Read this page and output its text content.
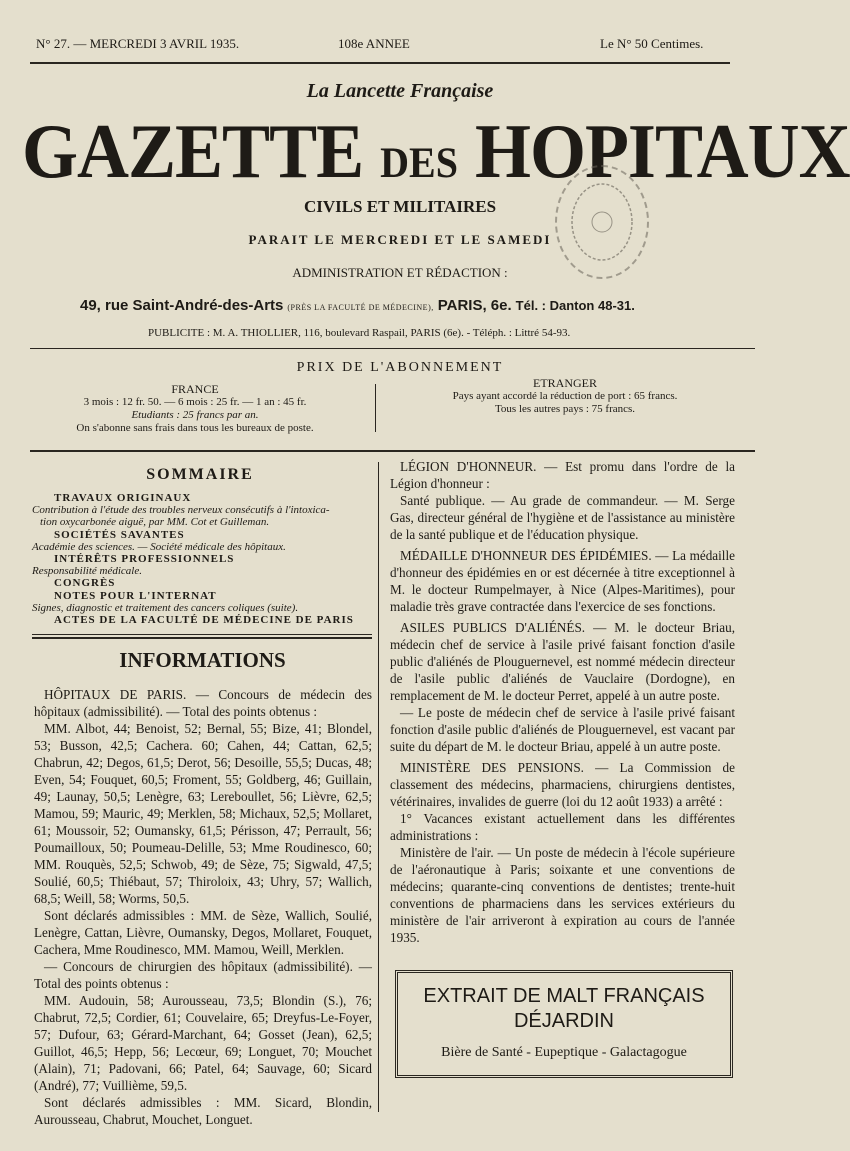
N° 27. — MERCREDI 3 AVRIL 1935.	108e ANNEE	Le N° 50 Centimes.
La Lancette Française
GAZETTE DES HOPITAUX
CIVILS ET MILITAIRES
PARAIT LE MERCREDI ET LE SAMEDI
ADMINISTRATION ET RÉDACTION :
49, rue Saint-André-des-Arts (PRÈS LA FACULTÉ DE MÉDECINE), PARIS, 6e. Tél. : Danton 48-31.
PUBLICITE : M. A. THIOLLIER, 116, boulevard Raspail, PARIS (6e). - Téléph. : Littré 54-93.
PRIX DE L'ABONNEMENT
FRANCE
3 mois : 12 fr. 50. — 6 mois : 25 fr. — 1 an : 45 fr.
Etudiants : 25 francs par an.
On s'abonne sans frais dans tous les bureaux de poste.
ETRANGER
Pays ayant accordé la réduction de port : 65 francs.
Tous les autres pays : 75 francs.
SOMMAIRE
TRAVAUX ORIGINAUX
Contribution à l'étude des troubles nerveux consécutifs à l'intoxica-
tion oxycarbonée aiguë, par MM. Cot et Guilleman.
SOCIÉTÉS SAVANTES
Académie des sciences. — Société médicale des hôpitaux.
INTÉRÊTS PROFESSIONNELS
Responsabilité médicale.
CONGRÈS
NOTES POUR L'INTERNAT
Signes, diagnostic et traitement des cancers coliques (suite).
ACTES DE LA FACULTÉ DE MÉDECINE DE PARIS
INFORMATIONS

HÔPITAUX DE PARIS. — Concours de médecin des hôpitaux (admissibilité). — Total des points obtenus :

MM. Albot, 44; Benoist, 52; Bernal, 55; Bize, 41; Blondel, 53; Busson, 42,5; Cachera. 60; Cahen, 44; Cattan, 62,5; Chabrun, 42; Degos, 61,5; Derot, 56; Desoille, 55,5; Ducas, 48; Even, 54; Fouquet, 60,5; Froment, 55; Goldberg, 46; Guillain, 49; Launay, 50,5; Lenègre, 63; Lereboullet, 56; Lièvre, 62,5; Mamou, 59; Mauric, 49; Merklen, 58; Michaux, 52,5; Mollaret, 61; Moussoir, 52; Oumansky, 61,5; Périsson, 47; Perrault, 56; Poumailloux, 50; Poumeau-Delille, 53; Mme Roudinesco, 60; MM. Rouquès, 52,5; Schwob, 49; de Sèze, 75; Sigwald, 47,5; Soulié, 60,5; Thiébaut, 57; Thiroloix, 43; Uhry, 57; Wallich, 68,5; Weill, 58; Worms, 50,5.

Sont déclarés admissibles : MM. de Sèze, Wallich, Soulié, Lenègre, Cattan, Lièvre, Oumansky, Degos, Mollaret, Fouquet, Cachera, Mme Roudinesco, MM. Mamou, Weill, Merklen.

— Concours de chirurgien des hôpitaux (admissibilité). — Total des points obtenus :

MM. Audouin, 58; Aurousseau, 73,5; Blondin (S.), 76; Chabrut, 72,5; Cordier, 61; Couvelaire, 65; Dreyfus-Le-Foyer, 57; Dufour, 63; Gérard-Marchant, 64; Gosset (Jean), 62,5; Guillot, 46,5; Hepp, 56; Lecœur, 69; Longuet, 70; Mouchet (Alain), 71; Padovani, 66; Patel, 64; Sauvage, 60; Sicard (André), 77; Vuillième, 59,5.

Sont déclarés admissibles : MM. Sicard, Blondin, Aurousseau, Chabrut, Mouchet, Longuet.

LÉGION D'HONNEUR. — Est promu dans l'ordre de la Légion d'honneur :

Santé publique. — Au grade de commandeur. — M. Serge Gas, directeur général de l'hygiène et de l'assistance au ministère de la santé publique et de l'éducation physique.

MÉDAILLE D'HONNEUR DES ÉPIDÉMIES. — La médaille d'honneur des épidémies en or est décernée à titre exceptionnel à M. le docteur Rumpelmayer, à Nice (Alpes-Maritimes), pour maladie très grave contractée dans l'exercice de ses fonctions.

ASILES PUBLICS D'ALIÉNÉS. — M. le docteur Briau, médecin chef de service à l'asile privé faisant fonction d'asile public d'aliénés de Plouguernevel, est nommé médecin directeur de l'asile public d'aliénés de Vauclaire (Dordogne), en remplacement de M. le docteur Perret, appelé à un autre poste.

— Le poste de médecin chef de service à l'asile privé faisant fonction d'asile public d'aliénés de Plouguernevel, est vacant par suite du départ de M. le docteur Briau, appelé à un autre poste.

MINISTÈRE DES PENSIONS. — La Commission de classement des médecins, pharmaciens, chirurgiens dentistes, vétérinaires, invalides de guerre (loi du 12 août 1933) a arrêté :

1° Vacances existant actuellement dans les différentes administrations :

Ministère de l'air. — Un poste de médecin à l'école supérieure de l'aéronautique à Paris; soixante et une conventions de médecins; quarante-cinq conventions de dentistes; trente-huit conventions de pharmaciens dans les services extérieurs du ministère de l'air arriveront à expiration au cours de l'année 1935.

EXTRAIT DE MALT FRANÇAIS
DÉJARDIN
Bière de Santé - Eupeptique - Galactagogue
